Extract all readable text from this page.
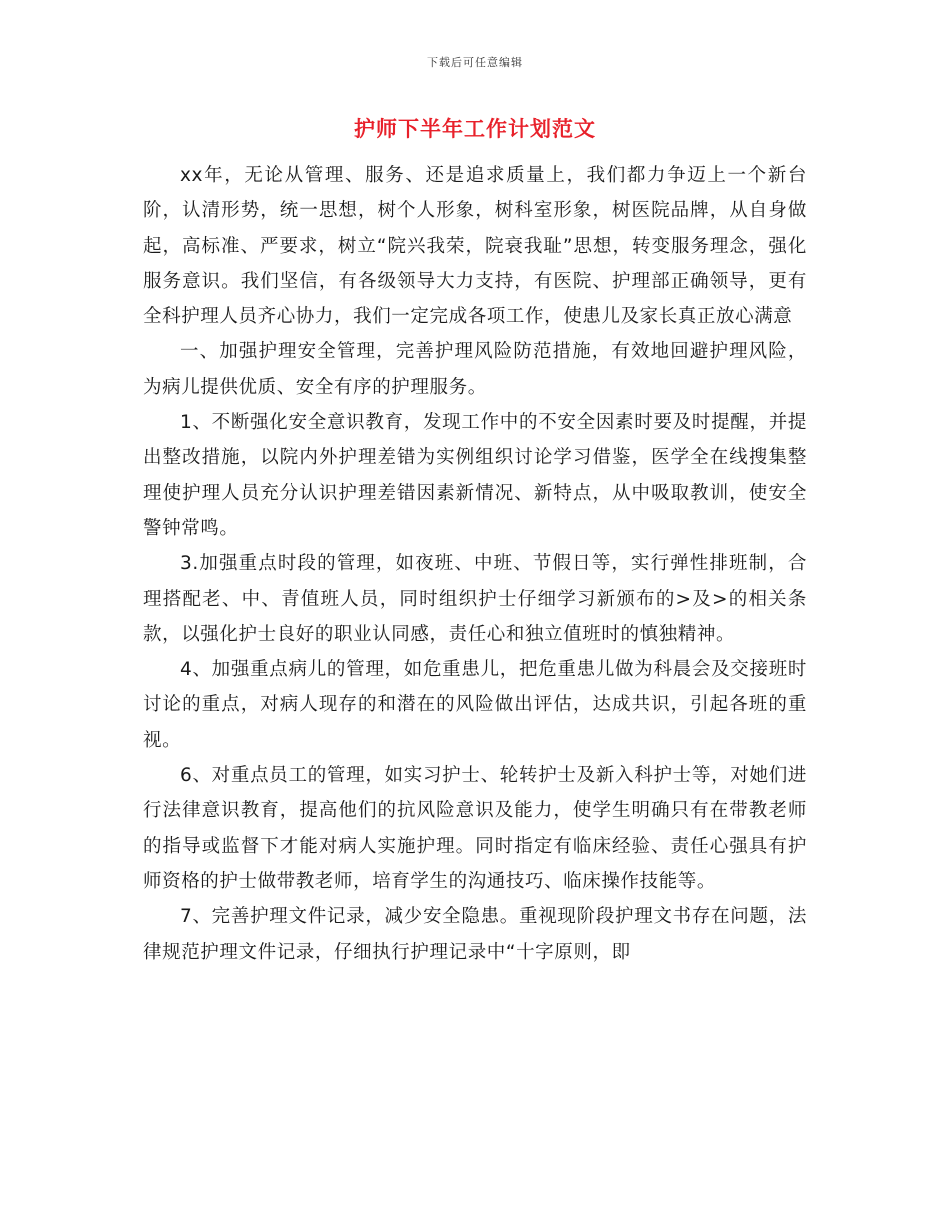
下载后可任意编辑
护师下半年工作计划范文

xx年，无论从管理、服务、还是追求质量上，我们都力争迈上一个新台阶，认清形势，统一思想，树个人形象，树科室形象，树医院品牌，从自身做起，高标准、严要求，树立“院兴我荣，院衰我耻”思想，转变服务理念，强化服务意识。我们坚信，有各级领导大力支持，有医院、护理部正确领导，更有全科护理人员齐心协力，我们一定完成各项工作，使患儿及家长真正放心满意

一、加强护理安全管理，完善护理风险防范措施，有效地回避护理风险，为病儿提供优质、安全有序的护理服务。

1、不断强化安全意识教育，发现工作中的不安全因素时要及时提醒，并提出整改措施，以院内外护理差错为实例组织讨论学习借鉴，医学全在线搜集整理使护理人员充分认识护理差错因素新情况、新特点，从中吸取教训，使安全警钟常鸣。

3.加强重点时段的管理，如夜班、中班、节假日等，实行弹性排班制，合理搭配老、中、青值班人员，同时组织护士仔细学习新颁布的>及>的相关条款，以强化护士良好的职业认同感，责任心和独立值班时的慎独精神。

4、加强重点病儿的管理，如危重患儿，把危重患儿做为科晨会及交接班时讨论的重点，对病人现存的和潜在的风险做出评估，达成共识，引起各班的重视。

6、对重点员工的管理，如实习护士、轮转护士及新入科护士等，对她们进行法律意识教育，提高他们的抗风险意识及能力，使学生明确只有在带教老师的指导或监督下才能对病人实施护理。同时指定有临床经验、责任心强具有护师资格的护士做带教老师，培育学生的沟通技巧、临床操作技能等。

7、完善护理文件记录，减少安全隐患。重视现阶段护理文书存在问题，法律规范护理文件记录，仔细执行护理记录中“十字原则，即
